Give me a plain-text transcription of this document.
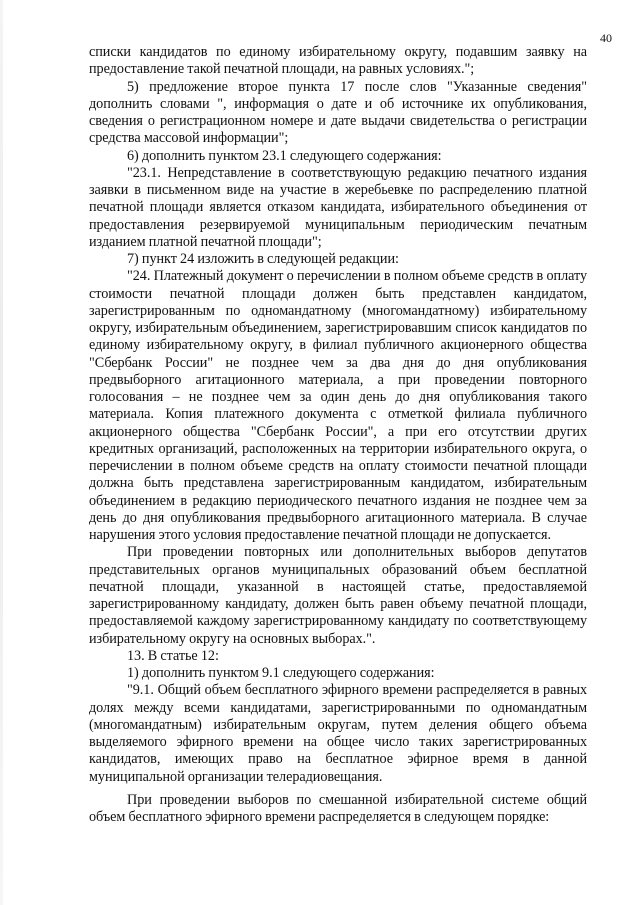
40

списки кандидатов по единому избирательному округу, подавшим заявку на предоставление такой печатной площади, на равных условиях.";

5) предложение второе пункта 17 после слов "Указанные сведения" дополнить словами ", информация о дате и об источнике их опубликования, сведения о регистрационном номере и дате выдачи свидетельства о регистрации средства массовой информации";

6) дополнить пунктом 23.1 следующего содержания:

"23.1. Непредставление в соответствующую редакцию печатного издания заявки в письменном виде на участие в жеребьевке по распределению платной печатной площади является отказом кандидата, избирательного объединения от предоставления резервируемой муниципальным периодическим печатным изданием платной печатной площади";

7) пункт 24 изложить в следующей редакции:

"24. Платежный документ о перечислении в полном объеме средств в оплату стоимости печатной площади должен быть представлен кандидатом, зарегистрированным по одномандатному (многомандатному) избирательному округу, избирательным объединением, зарегистрировавшим список кандидатов по единому избирательному округу, в филиал публичного акционерного общества "Сбербанк России" не позднее чем за два дня до дня опубликования предвыборного агитационного материала, а при проведении повторного голосования – не позднее чем за один день до дня опубликования такого материала. Копия платежного документа с отметкой филиала публичного акционерного общества "Сбербанк России", а при его отсутствии других кредитных организаций, расположенных на территории избирательного округа, о перечислении в полном объеме средств на оплату стоимости печатной площади должна быть представлена зарегистрированным кандидатом, избирательным объединением в редакцию периодического печатного издания не позднее чем за день до дня опубликования предвыборного агитационного материала. В случае нарушения этого условия предоставление печатной площади не допускается.

При проведении повторных или дополнительных выборов депутатов представительных органов муниципальных образований объем бесплатной печатной площади, указанной в настоящей статье, предоставляемой зарегистрированному кандидату, должен быть равен объему печатной площади, предоставляемой каждому зарегистрированному кандидату по соответствующему избирательному округу на основных выборах.".

13. В статье 12:

1) дополнить пунктом 9.1 следующего содержания:

"9.1. Общий объем бесплатного эфирного времени распределяется в равных долях между всеми кандидатами, зарегистрированными по одномандатным (многомандатным) избирательным округам, путем деления общего объема выделяемого эфирного времени на общее число таких зарегистрированных кандидатов, имеющих право на бесплатное эфирное время в данной муниципальной организации телерадиовещания.

При проведении выборов по смешанной избирательной системе общий объем бесплатного эфирного времени распределяется в следующем порядке:
